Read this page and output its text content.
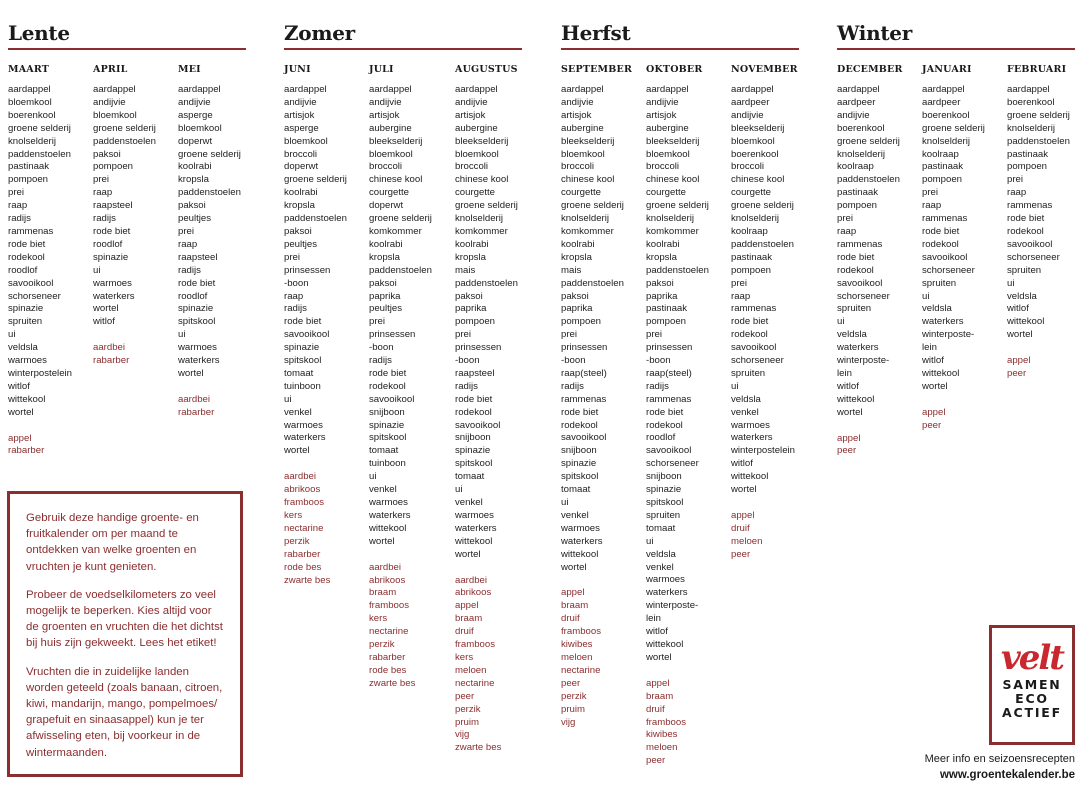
Lente	Zomer	Herfst	Winter
MAART
aardappel
bloemkool
boerenkool
groene selderij
knolselderij
paddenstoelen
pastinaak
pompoen
prei
raap
radijs
rammenas
rode biet
rodekool
roodlof
savooikool
schorseneer
spinazie
spruiten
ui
veldsla
warmoes
winterpostelein
witlof
wittekool
wortel
appel
rabarber
APRIL
aardappel
andijvie
bloemkool
groene selderij
paddenstoelen
paksoi
pompoen
prei
raap
raapsteel
radijs
rode biet
roodlof
spinazie
ui
warmoes
waterkers
wortel
witlof
aardbei
rabarber
MEI
aardappel
andijvie
asperge
bloemkool
doperwt
groene selderij
koolrabi
kropsla
paddenstoelen
paksoi
peultjes
prei
raap
raapsteel
radijs
rode biet
roodlof
spinazie
spitskool
ui
warmoes
waterkers
wortel
aardbei
rabarber
JUNI
aardappel
andijvie
artisjok
asperge
bloemkool
broccoli
doperwt
groene selderij
koolrabi
kropsla
paddenstoelen
paksoi
peultjes
prei
prinsessen
-boon
raap
radijs
rode biet
savooikool
spinazie
spitskool
tomaat
tuinboon
ui
venkel
warmoes
waterkers
wortel
aardbei
abrikoos
framboos
kers
nectarine
perzik
rabarber
rode bes
zwarte bes
JULI
aardappel
andijvie
artisjok
aubergine
bleekselderij
bloemkool
broccoli
chinese kool
courgette
doperwt
groene selderij
komkommer
koolrabi
kropsla
paddenstoelen
paksoi
paprika
peultjes
prei
prinsessen
-boon
radijs
rode biet
rodekool
savooikool
snijboon
spinazie
spitskool
tomaat
tuinboon
ui
venkel
warmoes
waterkers
wittekool
wortel
aardbei
abrikoos
braam
framboos
kers
nectarine
perzik
rabarber
rode bes
zwarte bes
AUGUSTUS
aardappel
andijvie
artisjok
aubergine
bleekselderij
bloemkool
broccoli
chinese kool
courgette
groene selderij
knolselderij
komkommer
koolrabi
kropsla
mais
paddenstoelen
paksoi
paprika
pompoen
prei
prinsessen
-boon
raapsteel
radijs
rode biet
rodekool
savooikool
snijboon
spinazie
spitskool
tomaat
ui
venkel
warmoes
waterkers
wittekool
wortel
aardbei
abrikoos
appel
braam
druif
framboos
kers
meloen
nectarine
peer
perzik
pruim
vijg
zwarte bes
SEPTEMBER
aardappel
andijvie
artisjok
aubergine
bleekselderij
bloemkool
broccoli
chinese kool
courgette
groene selderij
knolselderij
komkommer
koolrabi
kropsla
mais
paddenstoelen
paksoi
paprika
pompoen
prei
prinsessen
-boon
raap(steel)
radijs
rammenas
rode biet
rodekool
savooikool
snijboon
spinazie
spitskool
tomaat
ui
venkel
warmoes
waterkers
wittekool
wortel
appel
braam
druif
framboos
kiwibes
meloen
nectarine
peer
perzik
pruim
vijg
OKTOBER
aardappel
andijvie
artisjok
aubergine
bleekselderij
bloemkool
broccoli
chinese kool
courgette
groene selderij
knolselderij
komkommer
koolrabi
kropsla
paddenstoelen
paksoi
paprika
pastinaak
pompoen
prei
prinsessen
-boon
raap(steel)
radijs
rammenas
rode biet
rodekool
roodlof
savooikool
schorseneer
snijboon
spinazie
spitskool
spruiten
tomaat
ui
veldsla
venkel
warmoes
waterkers
winterposte-
lein
witlof
wittekool
wortel
appel
braam
druif
framboos
kiwibes
meloen
peer
NOVEMBER
aardappel
aardpeer
andijvie
bleekselderij
bloemkool
boerenkool
broccoli
chinese kool
courgette
groene selderij
knolselderij
koolraap
paddenstoelen
pastinaak
pompoen
prei
raap
rammenas
rode biet
rodekool
savooikool
schorseneer
spruiten
ui
veldsla
venkel
warmoes
waterkers
winterpostelein
witlof
wittekool
wortel
appel
druif
meloen
peer
DECEMBER
aardappel
aardpeer
andijvie
boerenkool
groene selderij
knolselderij
koolraap
paddenstoelen
pastinaak
pompoen
prei
raap
rammenas
rode biet
rodekool
savooikool
schorseneer
spruiten
ui
veldsla
waterkers
winterposte-
lein
witlof
wittekool
wortel
appel
peer
JANUARI
aardappel
aardpeer
boerenkool
groene selderij
knolselderij
koolraap
pastinaak
pompoen
prei
raap
rammenas
rode biet
rodekool
savooikool
schorseneer
spruiten
ui
veldsla
waterkers
winterposte-
lein
witlof
wittekool
wortel
appel
peer
FEBRUARI
aardappel
boerenkool
groene selderij
knolselderij
paddenstoelen
pastinaak
pompoen
prei
raap
rammenas
rode biet
rodekool
savooikool
schorseneer
spruiten
ui
veldsla
witlof
wittekool
wortel
appel
peer

Gebruik deze handige groente- en fruitkalender om per maand te ontdekken van welke groenten en vruchten je kunt genieten.

Probeer de voedselkilometers zo veel mogelijk te beperken. Kies altijd voor de groenten en vruchten die het dichtst bij huis zijn gekweekt. Lees het etiket!

Vruchten die in zuidelijke landen worden geteeld (zoals banaan, citroen, kiwi, mandarijn, mango, pompelmoes/ grapefuit en sinaasappel) kun je ter afwisseling eten, bij voorkeur in de wintermaanden.

velt
SAMEN
ECO
ACTIEF
Meer info en seizoensrecepten
www.groentekalender.be
